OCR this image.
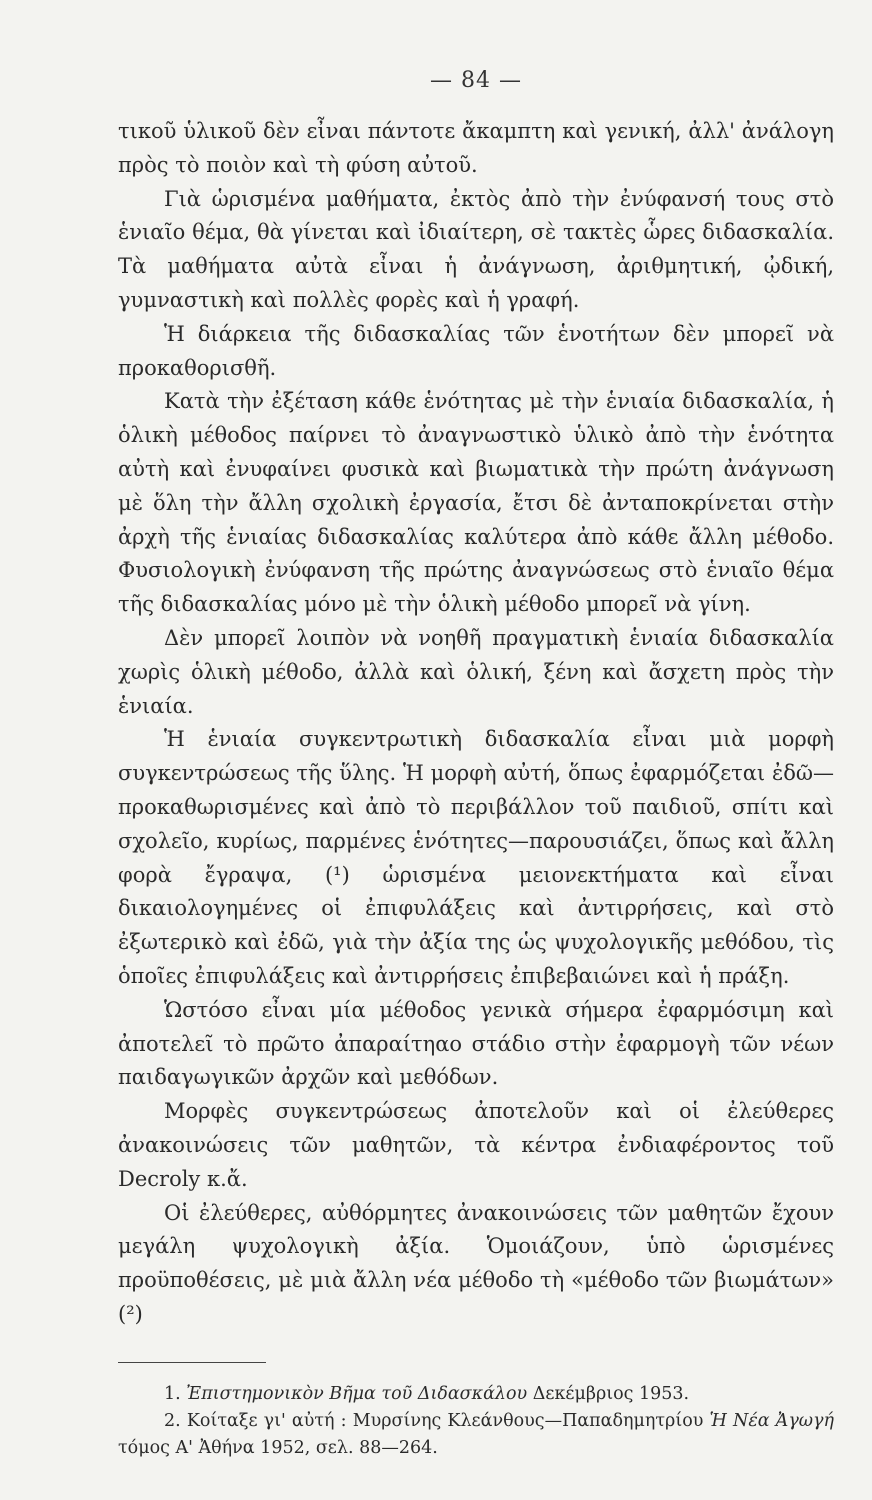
— 84 —

τικοῦ ὑλικοῦ δὲν εἶναι πάντοτε ἄκαμπτη καὶ γενική, ἀλλ' ἀνάλογη πρὸς τὸ ποιὸν καὶ τὴ φύση αὐτοῦ.

Γιὰ ὡρισμένα μαθήματα, ἐκτὸς ἀπὸ τὴν ἐνύφανσή τους στὸ ἑνιαῖο θέμα, θὰ γίνεται καὶ ἰδιαίτερη, σὲ τακτὲς ὧρες διδασκαλία. Τὰ μαθήματα αὐτὰ εἶναι ἡ ἀνάγνωση, ἀριθμητική, ᾠδική, γυμναστικὴ καὶ πολλὲς φορὲς καὶ ἡ γραφή.

Ἡ διάρκεια τῆς διδασκαλίας τῶν ἑνοτήτων δὲν μπορεῖ νὰ προκαθορισθῆ.

Κατὰ τὴν ἐξέταση κάθε ἑνότητας μὲ τὴν ἑνιαία διδασκαλία, ἡ ὁλικὴ μέθοδος παίρνει τὸ ἀναγνωστικὸ ὑλικὸ ἀπὸ τὴν ἑνότητα αὐτὴ καὶ ἐνυφαίνει φυσικὰ καὶ βιωματικὰ τὴν πρώτη ἀνάγνωση μὲ ὅλη τὴν ἄλλη σχολικὴ ἐργασία, ἔτσι δὲ ἀνταποκρίνεται στὴν ἀρχὴ τῆς ἑνιαίας διδασκαλίας καλύτερα ἀπὸ κάθε ἄλλη μέθοδο. Φυσιολογικὴ ἐνύφανση τῆς πρώτης ἀναγνώσεως στὸ ἑνιαῖο θέμα τῆς διδασκαλίας μόνο μὲ τὴν ὁλικὴ μέθοδο μπορεῖ νὰ γίνη.

Δὲν μπορεῖ λοιπὸν νὰ νοηθῆ πραγματικὴ ἑνιαία διδασκαλία χωρὶς ὁλικὴ μέθοδο, ἀλλὰ καὶ ὁλική, ξένη καὶ ἄσχετη πρὸς τὴν ἑνιαία.

Ἡ ἑνιαία συγκεντρωτικὴ διδασκαλία εἶναι μιὰ μορφὴ συγκεντρώσεως τῆς ὕλης. Ἡ μορφὴ αὐτή, ὅπως ἐφαρμόζεται ἐδῶ— προκαθωρισμένες καὶ ἀπὸ τὸ περιβάλλον τοῦ παιδιοῦ, σπίτι καὶ σχολεῖο, κυρίως, παρμένες ἑνότητες—παρουσιάζει, ὅπως καὶ ἄλλη φορὰ ἔγραψα, (¹) ὡρισμένα μειονεκτήματα καὶ εἶναι δικαιολογημένες οἱ ἐπιφυλάξεις καὶ ἀντιρρήσεις, καὶ στὸ ἐξωτερικὸ καὶ ἐδῶ, γιὰ τὴν ἀξία της ὡς ψυχολογικῆς μεθόδου, τὶς ὁποῖες ἐπιφυλάξεις καὶ ἀντιρρήσεις ἐπιβεβαιώνει καὶ ἡ πράξη.

Ὡστόσο εἶναι μία μέθοδος γενικὰ σήμερα ἐφαρμόσιμη καὶ ἀποτελεῖ τὸ πρῶτο ἀπαραίτηαο στάδιο στὴν ἐφαρμογὴ τῶν νέων παιδαγωγικῶν ἀρχῶν καὶ μεθόδων.

Μορφὲς συγκεντρώσεως ἀποτελοῦν καὶ οἱ ἐλεύθερες ἀνακοινώσεις τῶν μαθητῶν, τὰ κέντρα ἐνδιαφέροντος τοῦ Decroly κ.ἄ.

Οἱ ἐλεύθερες, αὐθόρμητες ἀνακοινώσεις τῶν μαθητῶν ἔχουν μεγάλη ψυχολογικὴ ἀξία. Ὁμοιάζουν, ὑπὸ ὡρισμένες προϋποθέσεις, μὲ μιὰ ἄλλη νέα μέθοδο τὴ «μέθοδο τῶν βιωμάτων» (²)

1. Ἐπιστημονικὸν Βῆμα τοῦ Διδασκάλου Δεκέμβριος 1953.

2. Κοίταξε γι' αὐτή : Μυρσίνης Κλεάνθους—Παπαδημητρίου Ἡ Νέα Ἀγωγή τόμος Α' Ἀθήνα 1952, σελ. 88—264.
